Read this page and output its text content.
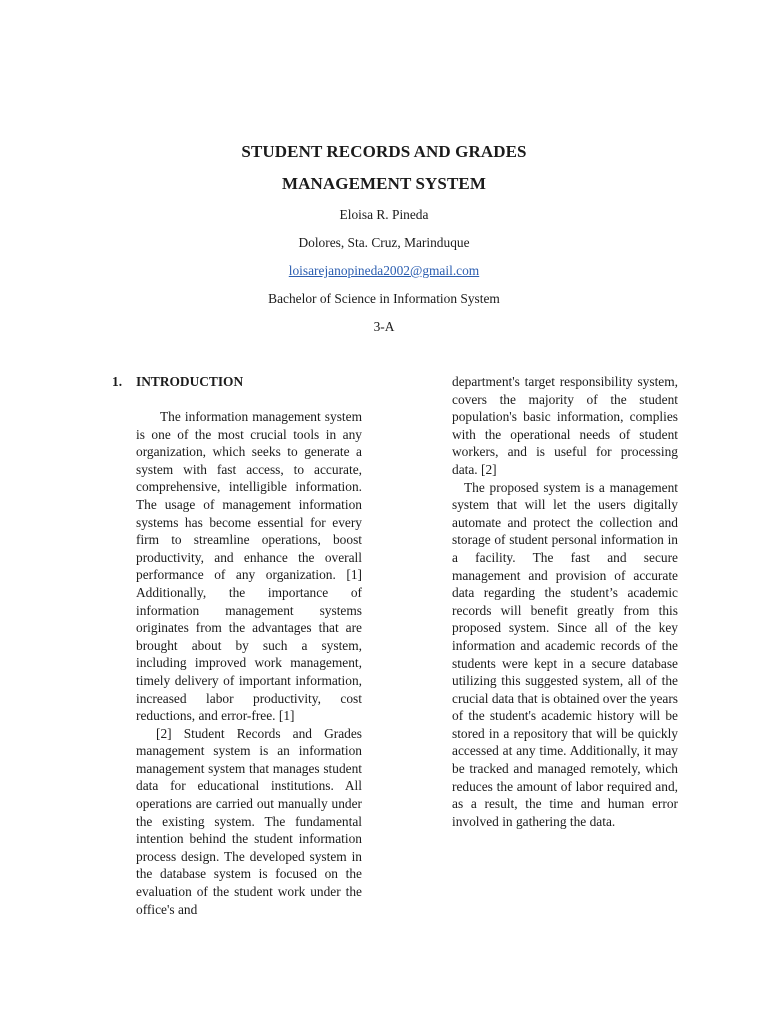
STUDENT RECORDS AND GRADES
MANAGEMENT SYSTEM
Eloisa R. Pineda
Dolores, Sta. Cruz, Marinduque
loisarejanopineda2002@gmail.com
Bachelor of Science in Information System
3-A
1. INTRODUCTION

The information management system is one of the most crucial tools in any organization, which seeks to generate a system with fast access, to accurate, comprehensive, intelligible information. The usage of management information systems has become essential for every firm to streamline operations, boost productivity, and enhance the overall performance of any organization. [1] Additionally, the importance of information management systems originates from the advantages that are brought about by such a system, including improved work management, timely delivery of important information, increased labor productivity, cost reductions, and error-free. [1]

[2] Student Records and Grades management system is an information management system that manages student data for educational institutions. All operations are carried out manually under the existing system. The fundamental intention behind the student information process design. The developed system in the database system is focused on the evaluation of the student work under the office's and

department's target responsibility system, covers the majority of the student population's basic information, complies with the operational needs of student workers, and is useful for processing data. [2]

The proposed system is a management system that will let the users digitally automate and protect the collection and storage of student personal information in a facility. The fast and secure management and provision of accurate data regarding the student’s academic records will benefit greatly from this proposed system. Since all of the key information and academic records of the students were kept in a secure database utilizing this suggested system, all of the crucial data that is obtained over the years of the student's academic history will be stored in a repository that will be quickly accessed at any time. Additionally, it may be tracked and managed remotely, which reduces the amount of labor required and, as a result, the time and human error involved in gathering the data.
